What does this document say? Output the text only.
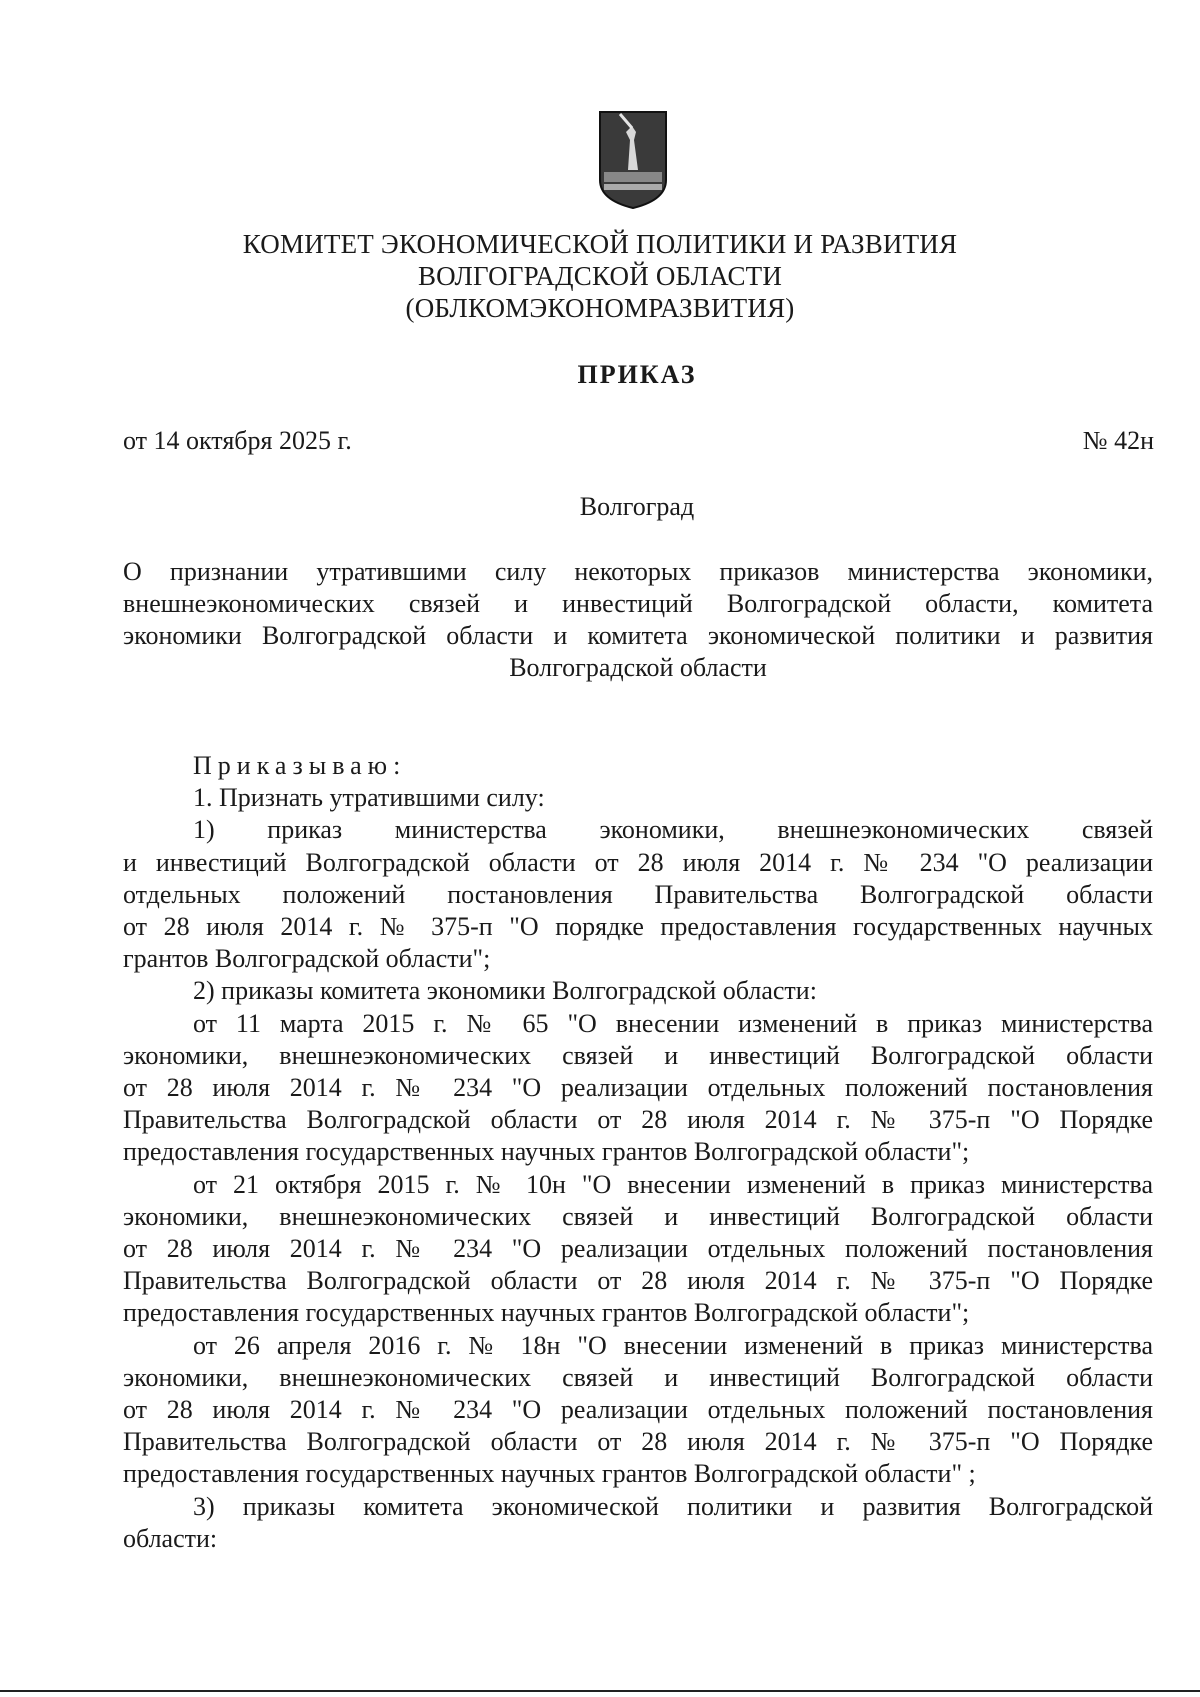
КОМИТЕТ ЭКОНОМИЧЕСКОЙ ПОЛИТИКИ И РАЗВИТИЯ
ВОЛГОГРАДСКОЙ ОБЛАСТИ
(ОБЛКОМЭКОНОМРАЗВИТИЯ)
ПРИКАЗ
от 14 октября 2025 г.	№ 42н
Волгоград
О признании утратившими силу некоторых приказов министерства экономики,
внешнеэкономических связей и инвестиций Волгоградской области, комитета
экономики Волгоградской области и комитета экономической политики и развития
Волгоградской области
Приказываю:
1. Признать утратившими силу:
1) приказ министерства экономики, внешнеэкономических связей
и инвестиций Волгоградской области от 28 июля 2014 г. № 234 "О реализации
отдельных положений постановления Правительства Волгоградской области
от 28 июля 2014 г. № 375-п "О порядке предоставления государственных научных
грантов Волгоградской области";
2) приказы комитета экономики Волгоградской области:
от 11 марта 2015 г. № 65 "О внесении изменений в приказ министерства
экономики, внешнеэкономических связей и инвестиций Волгоградской области
от 28 июля 2014 г. № 234 "О реализации отдельных положений постановления
Правительства Волгоградской области от 28 июля 2014 г. № 375-п "О Порядке
предоставления государственных научных грантов Волгоградской области";
от 21 октября 2015 г. № 10н "О внесении изменений в приказ министерства
экономики, внешнеэкономических связей и инвестиций Волгоградской области
от 28 июля 2014 г. № 234 "О реализации отдельных положений постановления
Правительства Волгоградской области от 28 июля 2014 г. № 375-п "О Порядке
предоставления государственных научных грантов Волгоградской области";
от 26 апреля 2016 г. № 18н "О внесении изменений в приказ министерства
экономики, внешнеэкономических связей и инвестиций Волгоградской области
от 28 июля 2014 г. № 234 "О реализации отдельных положений постановления
Правительства Волгоградской области от 28 июля 2014 г. № 375-п "О Порядке
предоставления государственных научных грантов Волгоградской области" ;
3) приказы комитета экономической политики и развития Волгоградской
области:
